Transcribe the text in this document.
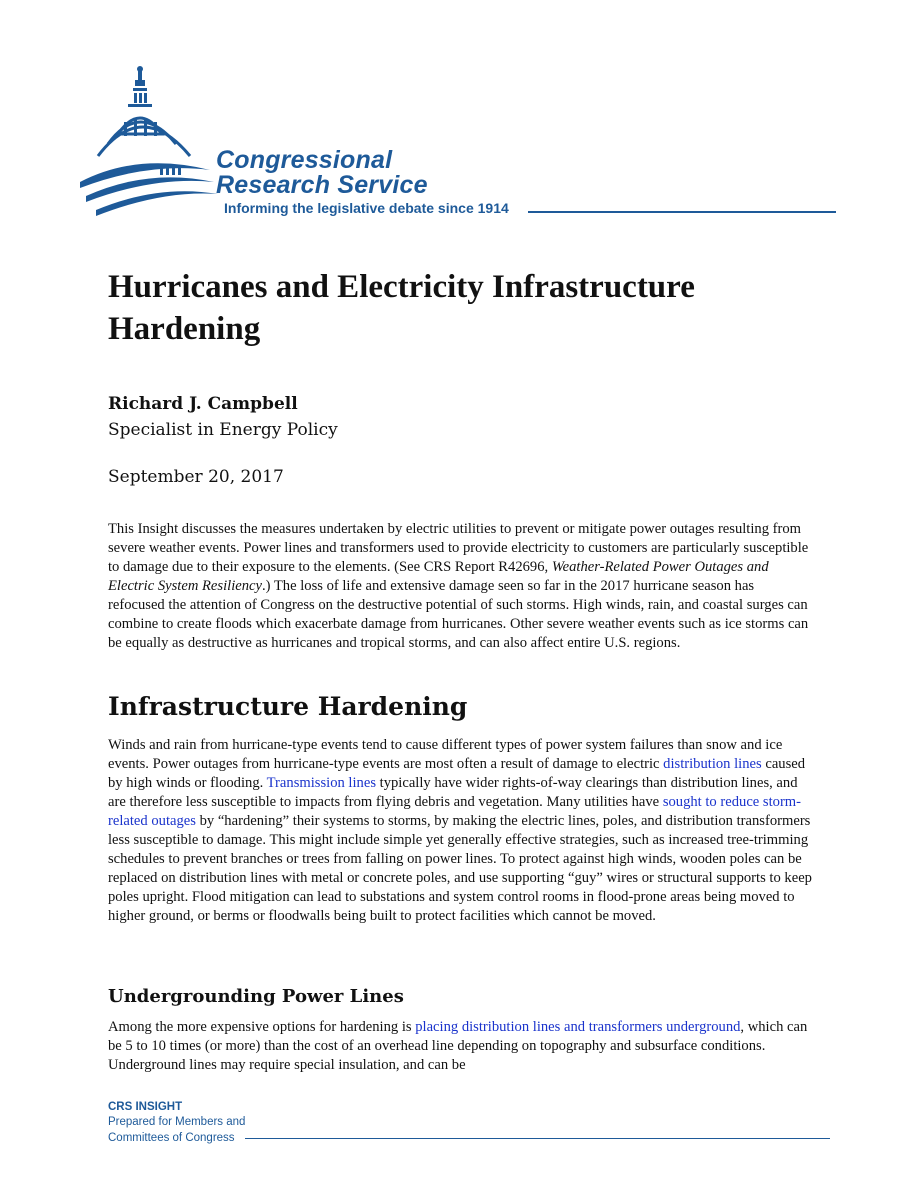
Congressional
Research Service
Informing the legislative debate since 1914
Hurricanes and Electricity Infrastructure Hardening

Richard J. Campbell

Specialist in Energy Policy

September 20, 2017

This Insight discusses the measures undertaken by electric utilities to prevent or mitigate power outages resulting from severe weather events. Power lines and transformers used to provide electricity to customers are particularly susceptible to damage due to their exposure to the elements. (See CRS Report R42696, Weather-Related Power Outages and Electric System Resiliency.) The loss of life and extensive damage seen so far in the 2017 hurricane season has refocused the attention of Congress on the destructive potential of such storms. High winds, rain, and coastal surges can combine to create floods which exacerbate damage from hurricanes. Other severe weather events such as ice storms can be equally as destructive as hurricanes and tropical storms, and can also affect entire U.S. regions.

Infrastructure Hardening

Winds and rain from hurricane-type events tend to cause different types of power system failures than snow and ice events. Power outages from hurricane-type events are most often a result of damage to electric distribution lines caused by high winds or flooding. Transmission lines typically have wider rights-of-way clearings than distribution lines, and are therefore less susceptible to impacts from flying debris and vegetation. Many utilities have sought to reduce storm-related outages by “hardening” their systems to storms, by making the electric lines, poles, and distribution transformers less susceptible to damage. This might include simple yet generally effective strategies, such as increased tree-trimming schedules to prevent branches or trees from falling on power lines. To protect against high winds, wooden poles can be replaced on distribution lines with metal or concrete poles, and use supporting “guy” wires or structural supports to keep poles upright. Flood mitigation can lead to substations and system control rooms in flood-prone areas being moved to higher ground, or berms or floodwalls being built to protect facilities which cannot be moved.

Undergrounding Power Lines

Among the more expensive options for hardening is placing distribution lines and transformers underground, which can be 5 to 10 times (or more) than the cost of an overhead line depending on topography and subsurface conditions. Underground lines may require special insulation, and can be

CRS INSIGHT

Prepared for Members and

Committees of Congress
